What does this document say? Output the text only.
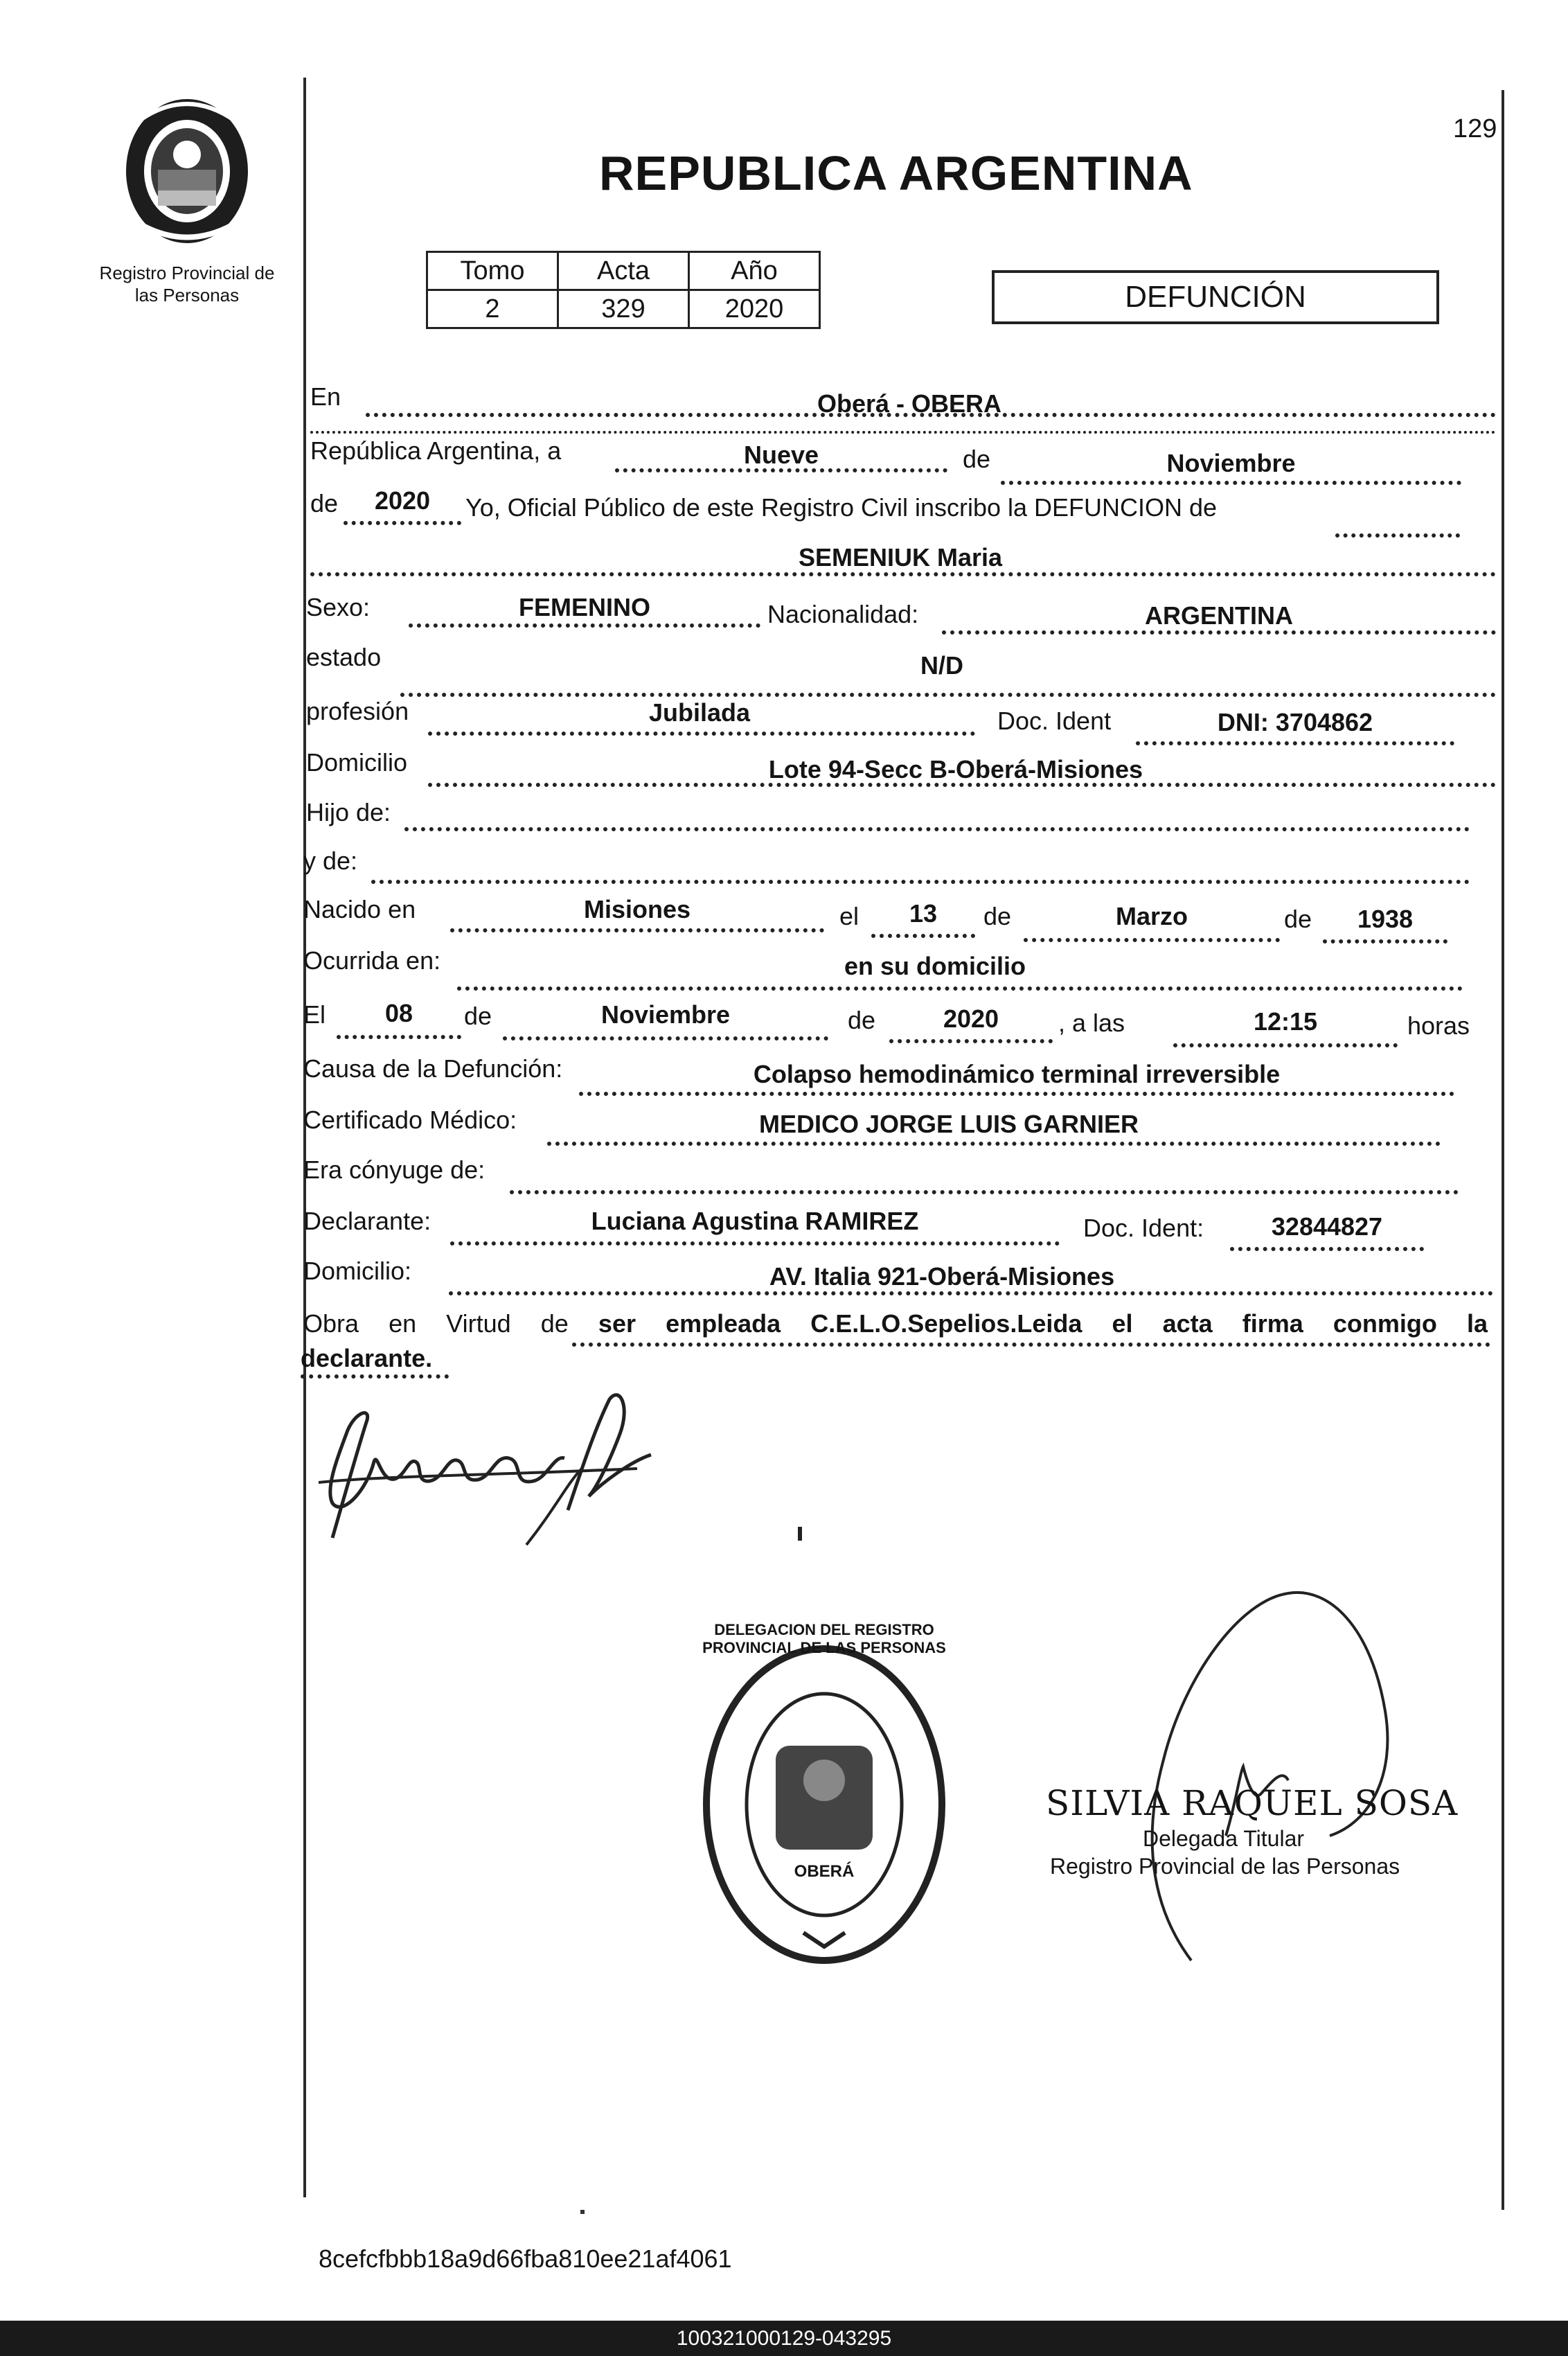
Registro Provincial de
las Personas
129
REPUBLICA ARGENTINA
Tomo	Acta	Año
2	329	2020	DEFUNCIÓN
En	Oberá - OBERA
República Argentina, a	Nueve	de	Noviembre
de	2020	Yo, Oficial Público de este Registro Civil inscribo la DEFUNCION de
SEMENIUK Maria
Sexo:	FEMENINO	Nacionalidad:	ARGENTINA
estado	N/D
profesión	Jubilada	Doc. Ident	DNI: 3704862
Domicilio	Lote 94-Secc B-Oberá-Misiones
Hijo de:
y de:
Nacido en	Misiones	el	13	de	Marzo	de	1938
Ocurrida en:	en su domicilio
El	08	de	Noviembre	de	2020	, a las	12:15	horas
Causa de la Defunción:	Colapso hemodinámico terminal irreversible
Certificado Médico:	MEDICO JORGE LUIS GARNIER
Era cónyuge de:
Declarante:	Luciana Agustina RAMIREZ	Doc. Ident:	32844827
Domicilio:	AV. Italia 921-Oberá-Misiones
Obra en Virtud de ser empleada C.E.L.O.Sepelios.Leida el acta firma conmigo la
declarante.
DELEGACION DEL REGISTRO PROVINCIAL DE LAS PERSONAS
OBERÁ
SILVIA RAQUEL SOSA
Delegada Titular
Registro Provincial de las Personas
8cefcfbbb18a9d66fba810ee21af4061
100321000129-043295
